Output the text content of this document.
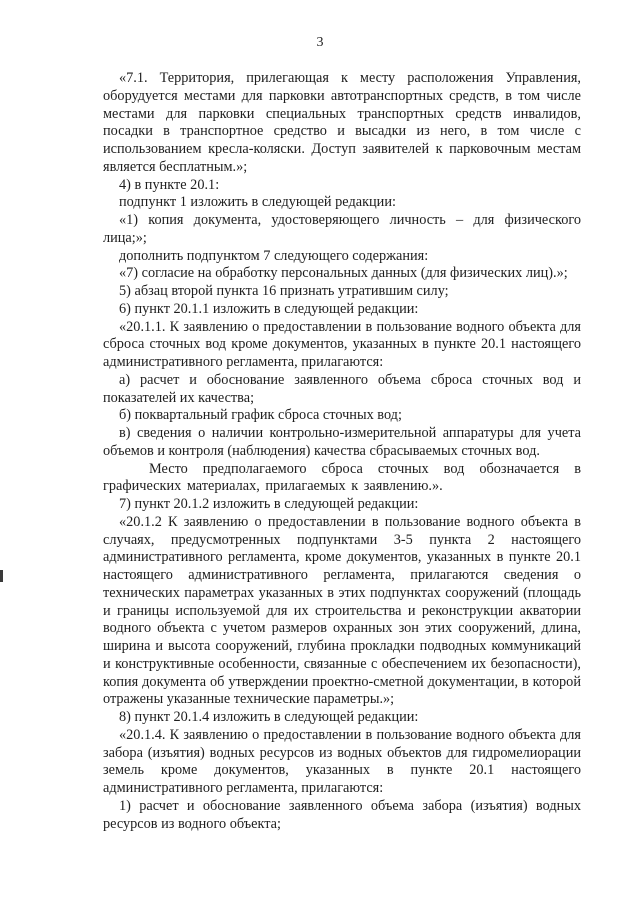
3

«7.1. Территория, прилегающая к месту расположения Управления, оборудуется местами для парковки автотранспортных средств, в том числе местами для парковки специальных транспортных средств инвалидов, посадки в транспортное средство и высадки из него, в том числе с использованием кресла-коляски. Доступ заявителей к парковочным местам является бесплатным.»;

4) в пункте 20.1:

подпункт 1 изложить в следующей редакции:

«1) копия документа, удостоверяющего личность – для физического лица;»;

дополнить подпунктом 7 следующего содержания:

«7) согласие на обработку персональных данных (для физических лиц).»;

5) абзац второй пункта 16 признать утратившим силу;

6) пункт 20.1.1 изложить в следующей редакции:

«20.1.1. К заявлению о предоставлении в пользование водного объекта для сброса сточных вод кроме документов, указанных в пункте 20.1 настоящего административного регламента, прилагаются:

а) расчет и обоснование заявленного объема сброса сточных вод и показателей их качества;

б) поквартальный график сброса сточных вод;

в) сведения о наличии контрольно-измерительной аппаратуры для учета объемов и контроля (наблюдения) качества сбрасываемых сточных вод.

Место предполагаемого сброса сточных вод обозначается в графических материалах, прилагаемых к заявлению.».

7) пункт 20.1.2 изложить в следующей редакции:

«20.1.2 К заявлению о предоставлении в пользование водного объекта в случаях, предусмотренных подпунктами 3-5 пункта 2 настоящего административного регламента, кроме документов, указанных в пункте 20.1 настоящего административного регламента, прилагаются сведения о технических параметрах указанных в этих подпунктах сооружений (площадь и границы используемой для их строительства и реконструкции акватории водного объекта с учетом размеров охранных зон этих сооружений, длина, ширина и высота сооружений, глубина прокладки подводных коммуникаций и конструктивные особенности, связанные с обеспечением их безопасности), копия документа об утверждении проектно-сметной документации, в которой отражены указанные технические параметры.»;

8) пункт 20.1.4 изложить в следующей редакции:

«20.1.4. К заявлению о предоставлении в пользование водного объекта для забора (изъятия) водных ресурсов из водных объектов для гидромелиорации земель кроме документов, указанных в пункте 20.1 настоящего административного регламента, прилагаются:

1) расчет и обоснование заявленного объема забора (изъятия) водных ресурсов из водного объекта;
